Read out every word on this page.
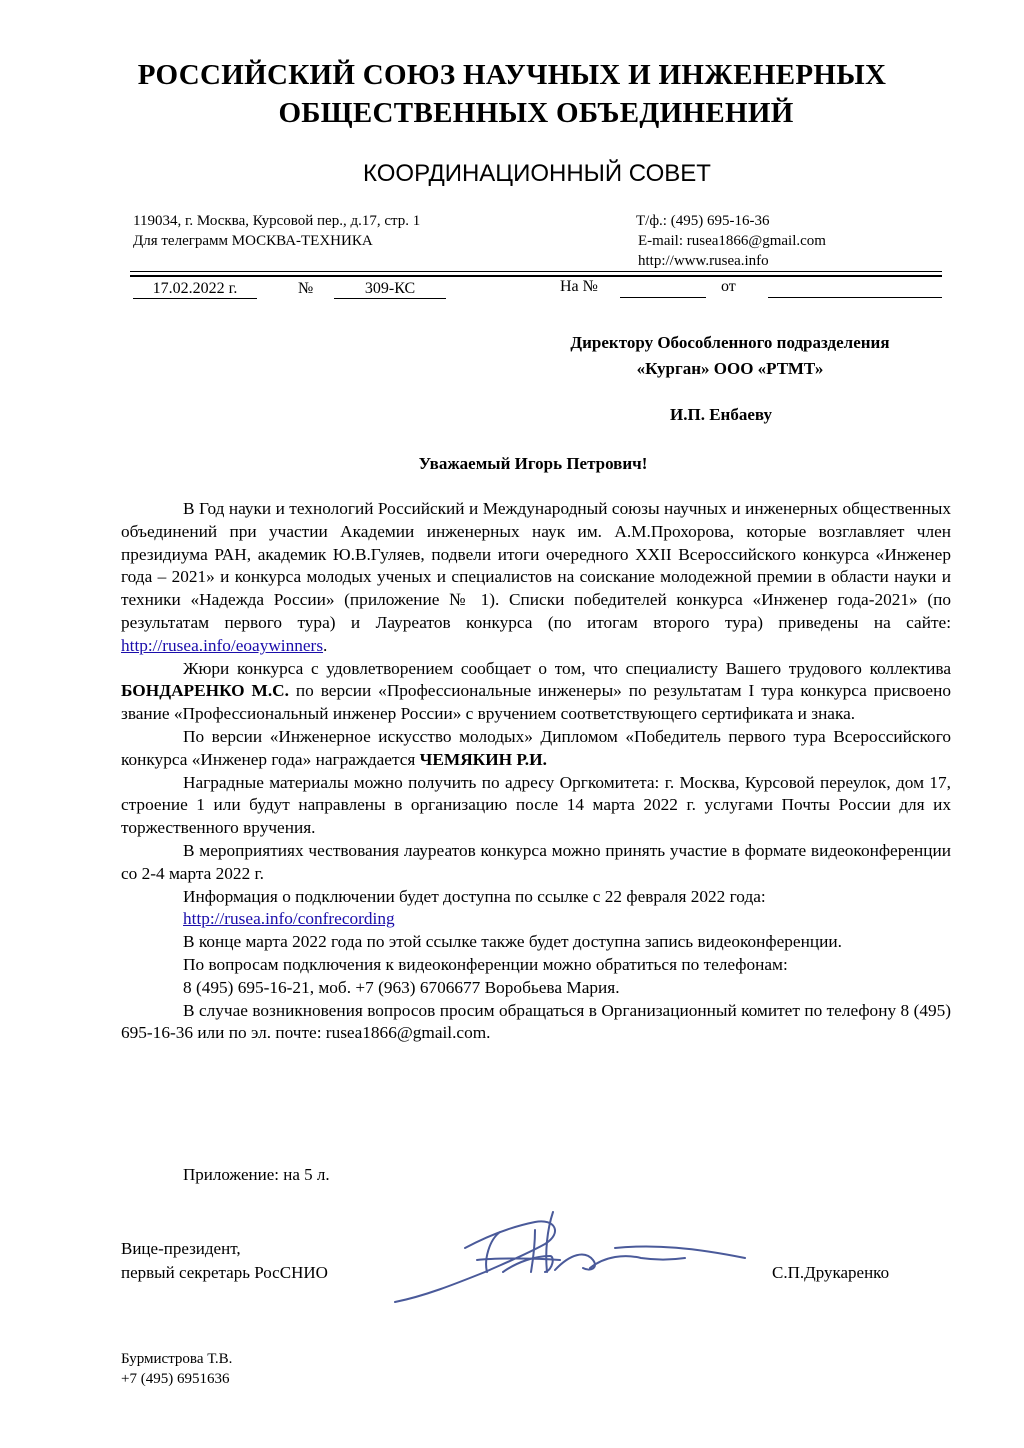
РОССИЙСКИЙ СОЮЗ НАУЧНЫХ И ИНЖЕНЕРНЫХ
ОБЩЕСТВЕННЫХ ОБЪЕДИНЕНИЙ
КООРДИНАЦИОННЫЙ СОВЕТ
119034, г. Москва, Курсовой пер., д.17, стр. 1
Для телеграмм МОСКВА-ТЕХНИКА
Т/ф.: (495) 695-16-36
E-mail: rusea1866@gmail.com
http://www.rusea.info
17.02.2022 г.	№	309-КС	На №	от
Директору Обособленного подразделения
«Курган» ООО «РТМТ»
И.П. Енбаеву
Уважаемый Игорь Петрович!

В Год науки и технологий Российский и Международный союзы научных и инженерных общественных объединений при участии Академии инженерных наук им. А.М.Прохорова, которые возглавляет член президиума РАН, академик Ю.В.Гуляев, подвели итоги очередного XXII Всероссийского конкурса «Инженер года – 2021» и конкурса молодых ученых и специалистов на соискание молодежной премии в области науки и техники «Надежда России» (приложение № 1). Списки победителей конкурса «Инженер года-2021» (по результатам первого тура) и Лауреатов конкурса (по итогам второго тура) приведены на сайте: http://rusea.info/eoaywinners.

Жюри конкурса с удовлетворением сообщает о том, что специалисту Вашего трудового коллектива БОНДАРЕНКО М.С. по версии «Профессиональные инженеры» по результатам I тура конкурса присвоено звание «Профессиональный инженер России» с вручением соответствующего сертификата и знака.

По версии «Инженерное искусство молодых» Дипломом «Победитель первого тура Всероссийского конкурса «Инженер года» награждается ЧЕМЯКИН Р.И.

Наградные материалы можно получить по адресу Оргкомитета: г. Москва, Курсовой переулок, дом 17, строение 1 или будут направлены в организацию после 14 марта 2022 г. услугами Почты России для их торжественного вручения.

В мероприятиях чествования лауреатов конкурса можно принять участие в формате видеоконференции со 2-4 марта 2022 г.

Информация о подключении будет доступна по ссылке с 22 февраля 2022 года:

http://rusea.info/confrecording

В конце марта 2022 года по этой ссылке также будет доступна запись видеоконференции.

По вопросам подключения к видеоконференции можно обратиться по телефонам:

8 (495) 695-16-21, моб. +7 (963) 6706677 Воробьева Мария.

В случае возникновения вопросов просим обращаться в Организационный комитет по телефону 8 (495) 695-16-36 или по эл. почте: rusea1866@gmail.com.

Приложение: на 5 л.
Вице-президент,
первый секретарь РосСНИО	С.П.Друкаренко
Бурмистрова Т.В.
+7 (495) 6951636
